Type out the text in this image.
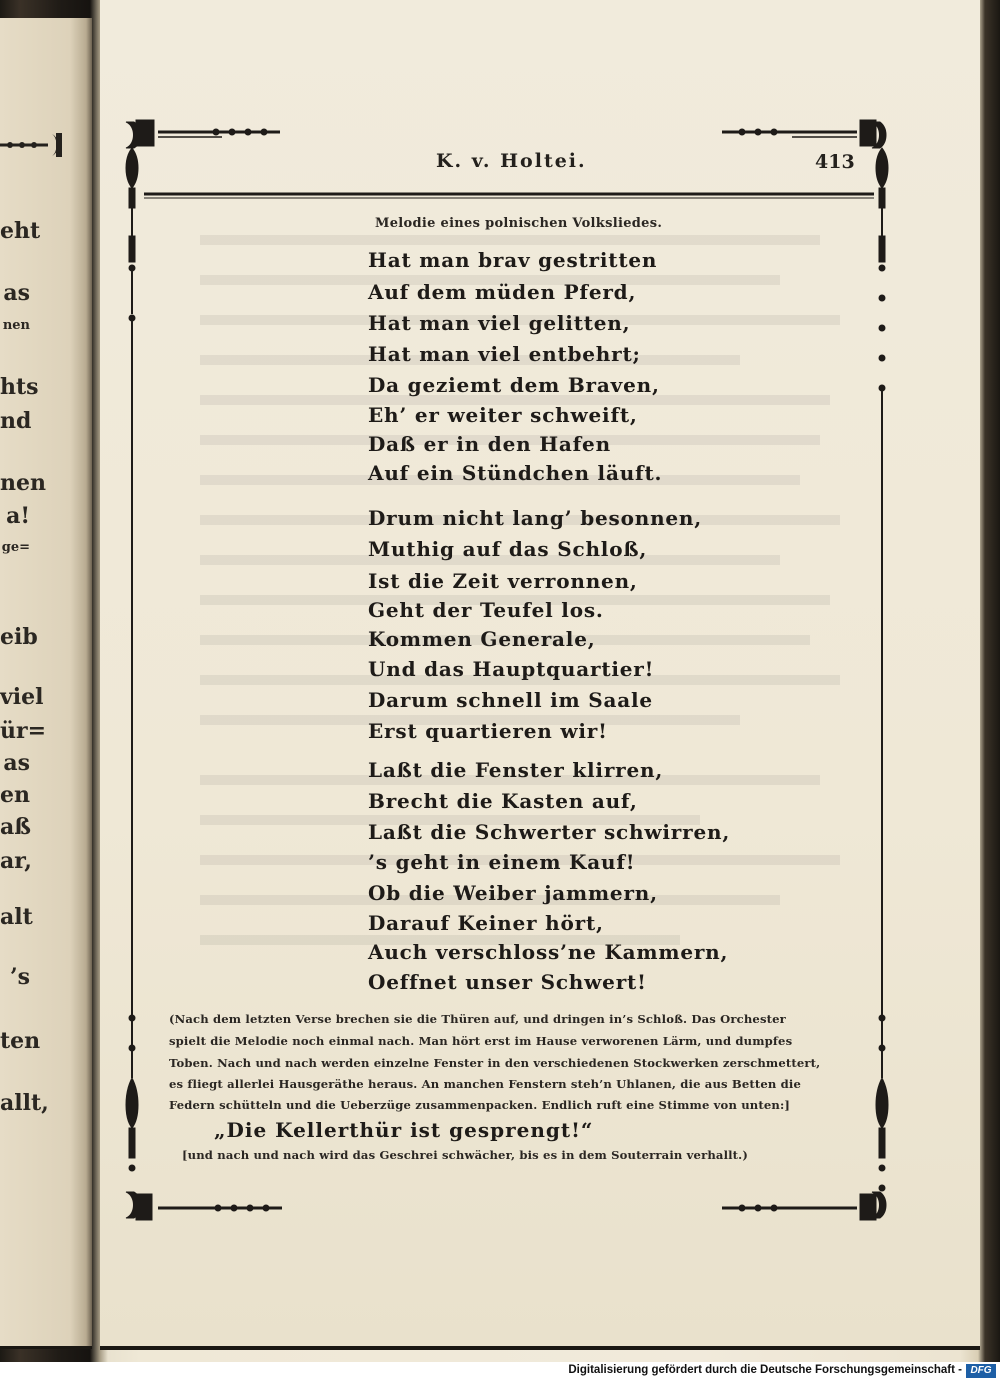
eht
as
nen
hts
nd
nen
a!
ge=
eib
viel
ür=
as
en
aß
ar,
alt
’s
ten
allt,
K. v. Holtei.	413
Melodie eines polnischen Volksliedes.
Hat man brav gestritten
Auf dem müden Pferd,
Hat man viel gelitten,
Hat man viel entbehrt;
Da geziemt dem Braven,
Eh’ er weiter schweift,
Daß er in den Hafen
Auf ein Stündchen läuft.
Drum nicht lang’ besonnen,
Muthig auf das Schloß,
Ist die Zeit verronnen,
Geht der Teufel los.
Kommen Generale,
Und das Hauptquartier!
Darum schnell im Saale
Erst quartieren wir!
Laßt die Fenster klirren,
Brecht die Kasten auf,
Laßt die Schwerter schwirren,
’s geht in einem Kauf!
Ob die Weiber jammern,
Darauf Keiner hört,
Auch verschloss’ne Kammern,
Oeffnet unser Schwert!
(Nach dem letzten Verse brechen sie die Thüren auf, und dringen in’s Schloß. Das Orchester
spielt die Melodie noch einmal nach. Man hört erst im Hause verworenen Lärm, und dumpfes
Toben. Nach und nach werden einzelne Fenster in den verschiedenen Stockwerken zerschmettert,
es fliegt allerlei Hausgeräthe heraus. An manchen Fenstern steh’n Uhlanen, die aus Betten die
Federn schütteln und die Ueberzüge zusammenpacken. Endlich ruft eine Stimme von unten:]
„Die Kellerthür ist gesprengt!“
[und nach und nach wird das Geschrei schwächer, bis es in dem Souterrain verhallt.)
Digitalisierung gefördert durch die Deutsche Forschungsgemeinschaft - DFG
